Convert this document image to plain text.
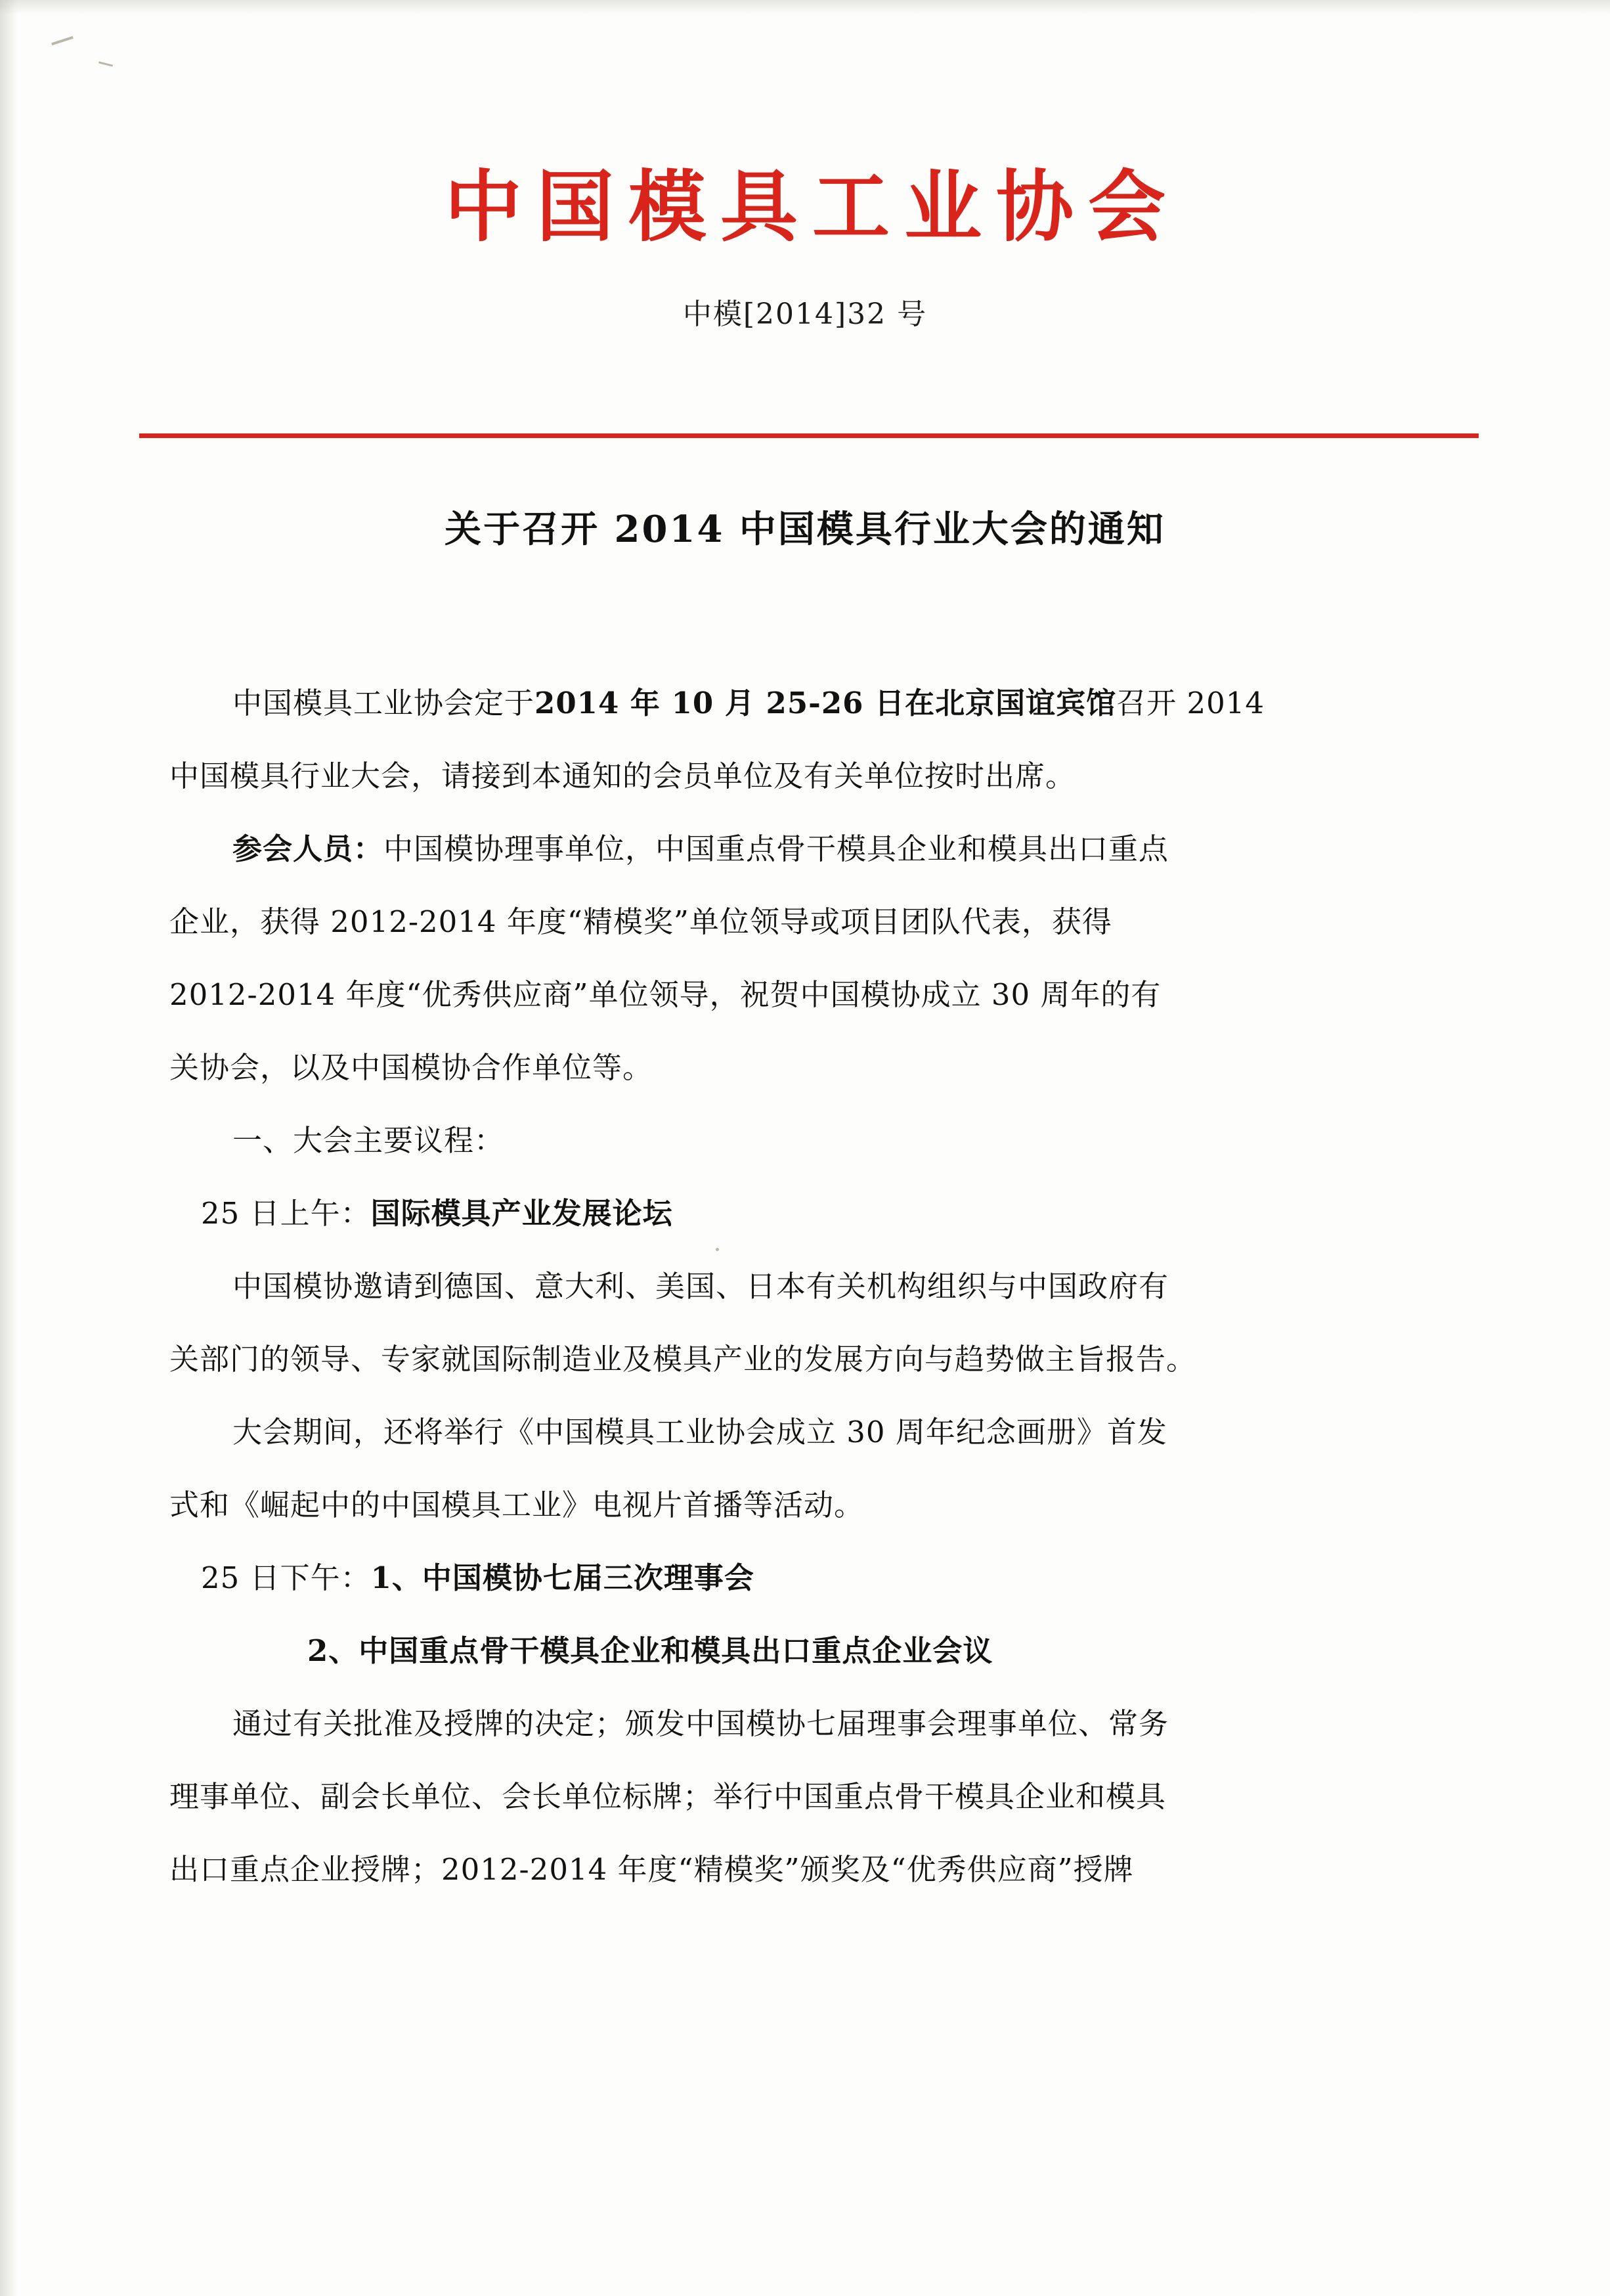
中国模具工业协会
中模[2014]32 号
关于召开 2014 中国模具行业大会的通知

中国模具工业协会定于2014 年 10 月 25-26 日在北京国谊宾馆召开 2014

中国模具行业大会，请接到本通知的会员单位及有关单位按时出席。

参会人员：中国模协理事单位，中国重点骨干模具企业和模具出口重点

企业，获得 2012-2014 年度“精模奖”单位领导或项目团队代表，获得

2012-2014 年度“优秀供应商”单位领导，祝贺中国模协成立 30 周年的有

关协会，以及中国模协合作单位等。

一、大会主要议程：

25 日上午：国际模具产业发展论坛

中国模协邀请到德国、意大利、美国、日本有关机构组织与中国政府有

关部门的领导、专家就国际制造业及模具产业的发展方向与趋势做主旨报告。

大会期间，还将举行《中国模具工业协会成立 30 周年纪念画册》首发

式和《崛起中的中国模具工业》电视片首播等活动。

25 日下午：1、中国模协七届三次理事会

2、中国重点骨干模具企业和模具出口重点企业会议

通过有关批准及授牌的决定；颁发中国模协七届理事会理事单位、常务

理事单位、副会长单位、会长单位标牌；举行中国重点骨干模具企业和模具

出口重点企业授牌；2012-2014 年度“精模奖”颁奖及“优秀供应商”授牌
